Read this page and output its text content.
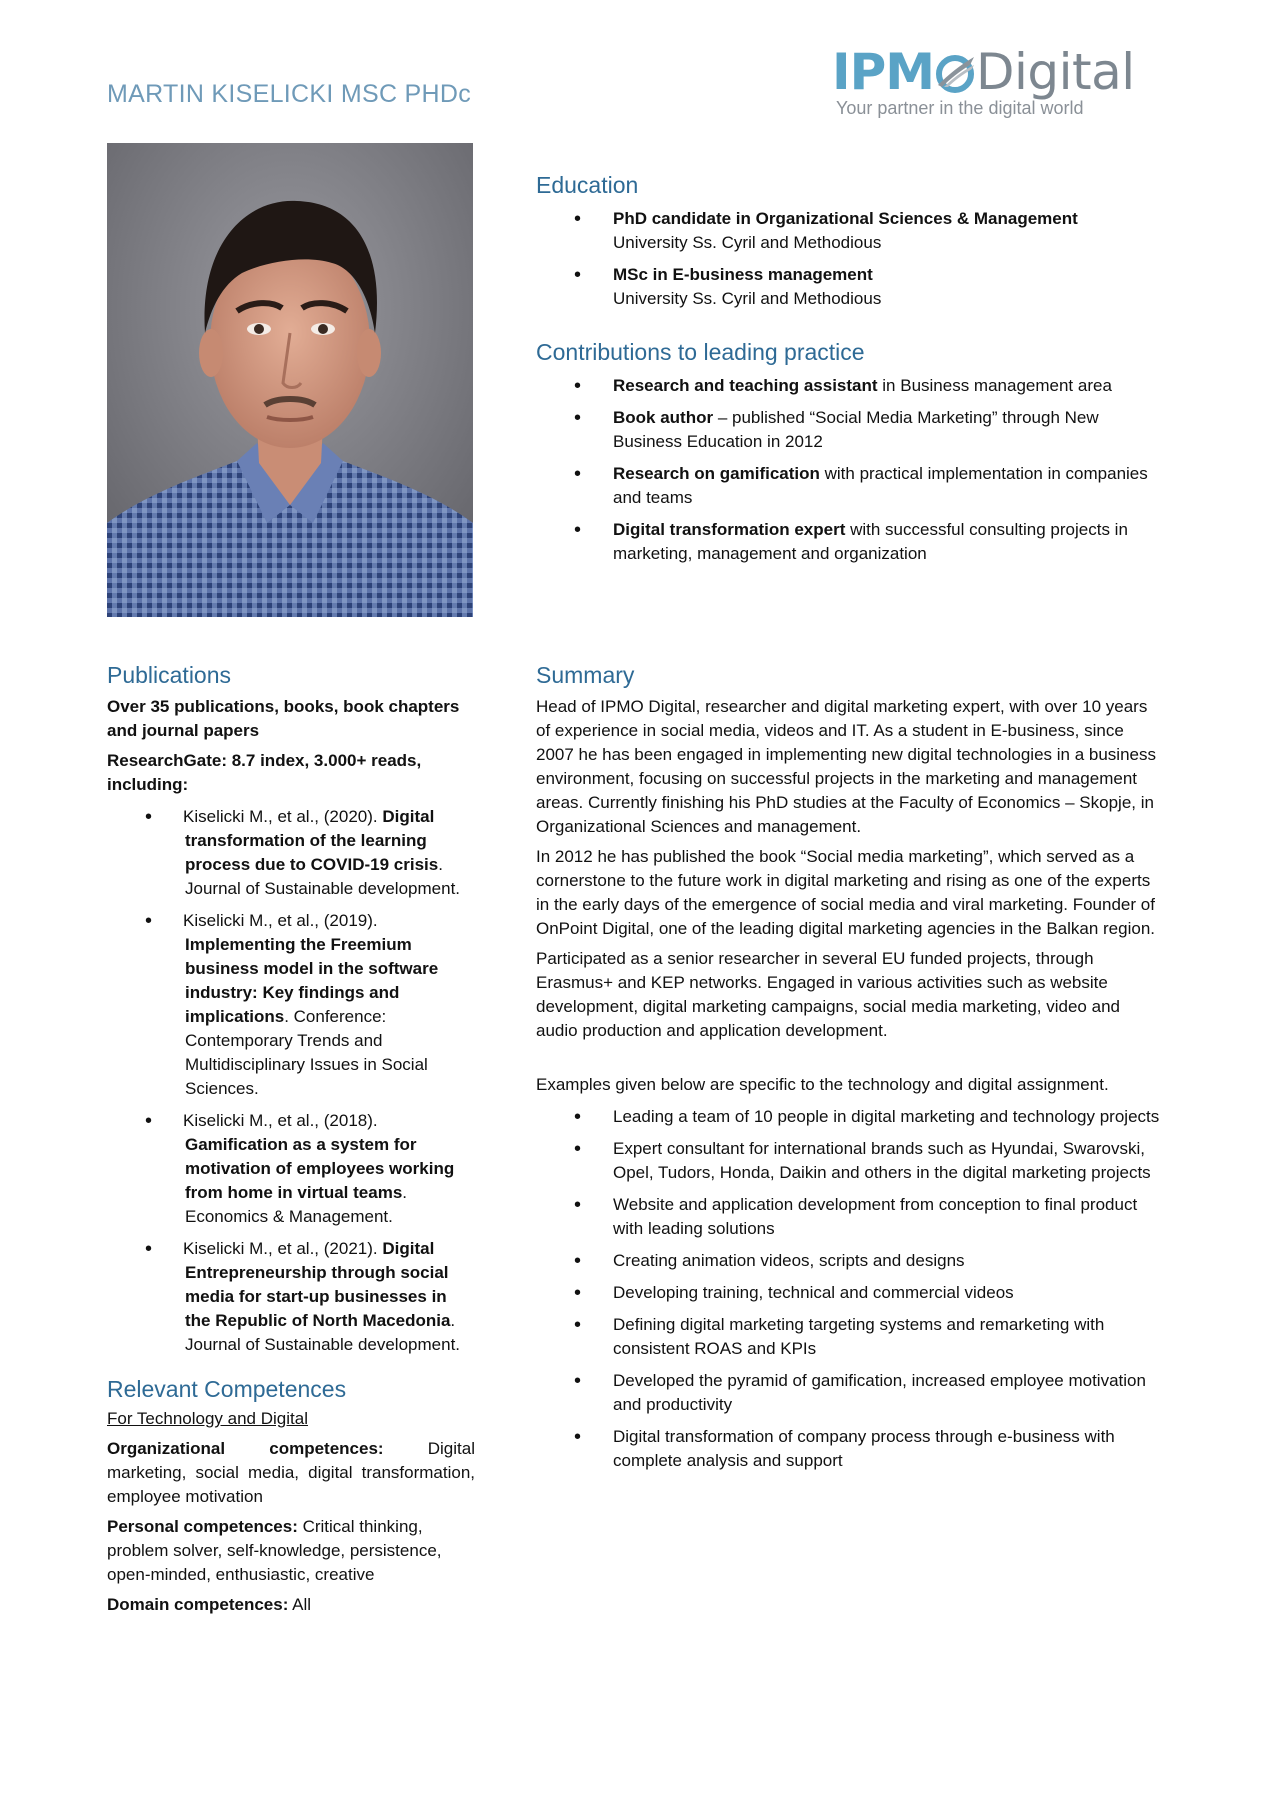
MARTIN KISELICKI MSC PHDc	IPM Digital
Your partner in the digital world
Education
• PhD candidate in Organizational Sciences & Management
University Ss. Cyril and Methodious
• MSc in E-business management
University Ss. Cyril and Methodious
Contributions to leading practice
• Research and teaching assistant in Business management area
• Book author – published “Social Media Marketing” through New Business Education in 2012
• Research on gamification with practical implementation in companies and teams
• Digital transformation expert with successful consulting projects in marketing, management and organization
Publications
Over 35 publications, books, book chapters and journal papers
ResearchGate: 8.7 index, 3.000+ reads, including:
• Kiselicki M., et al., (2020). Digital transformation of the learning process due to COVID-19 crisis. Journal of Sustainable development.
• Kiselicki M., et al., (2019). Implementing the Freemium business model in the software industry: Key findings and implications. Conference: Contemporary Trends and Multidisciplinary Issues in Social Sciences.
• Kiselicki M., et al., (2018). Gamification as a system for motivation of employees working from home in virtual teams. Economics & Management.
• Kiselicki M., et al., (2021). Digital Entrepreneurship through social media for start-up businesses in the Republic of North Macedonia. Journal of Sustainable development.
Relevant Competences
For Technology and Digital

Organizational competences: Digital marketing, social media, digital transformation, employee motivation

Personal competences: Critical thinking, problem solver, self-knowledge, persistence, open-minded, enthusiastic, creative

Domain competences: All

Summary

Head of IPMO Digital, researcher and digital marketing expert, with over 10 years of experience in social media, videos and IT. As a student in E-business, since 2007 he has been engaged in implementing new digital technologies in a business environment, focusing on successful projects in the marketing and management areas. Currently finishing his PhD studies at the Faculty of Economics – Skopje, in Organizational Sciences and management.

In 2012 he has published the book “Social media marketing”, which served as a cornerstone to the future work in digital marketing and rising as one of the experts in the early days of the emergence of social media and viral marketing. Founder of OnPoint Digital, one of the leading digital marketing agencies in the Balkan region.

Participated as a senior researcher in several EU funded projects, through Erasmus+ and KEP networks. Engaged in various activities such as website development, digital marketing campaigns, social media marketing, video and audio production and application development.

Examples given below are specific to the technology and digital assignment.

• Leading a team of 10 people in digital marketing and technology projects
• Expert consultant for international brands such as Hyundai, Swarovski, Opel, Tudors, Honda, Daikin and others in the digital marketing projects
• Website and application development from conception to final product with leading solutions
• Creating animation videos, scripts and designs
• Developing training, technical and commercial videos
• Defining digital marketing targeting systems and remarketing with consistent ROAS and KPIs
• Developed the pyramid of gamification, increased employee motivation and productivity
• Digital transformation of company process through e-business with complete analysis and support
